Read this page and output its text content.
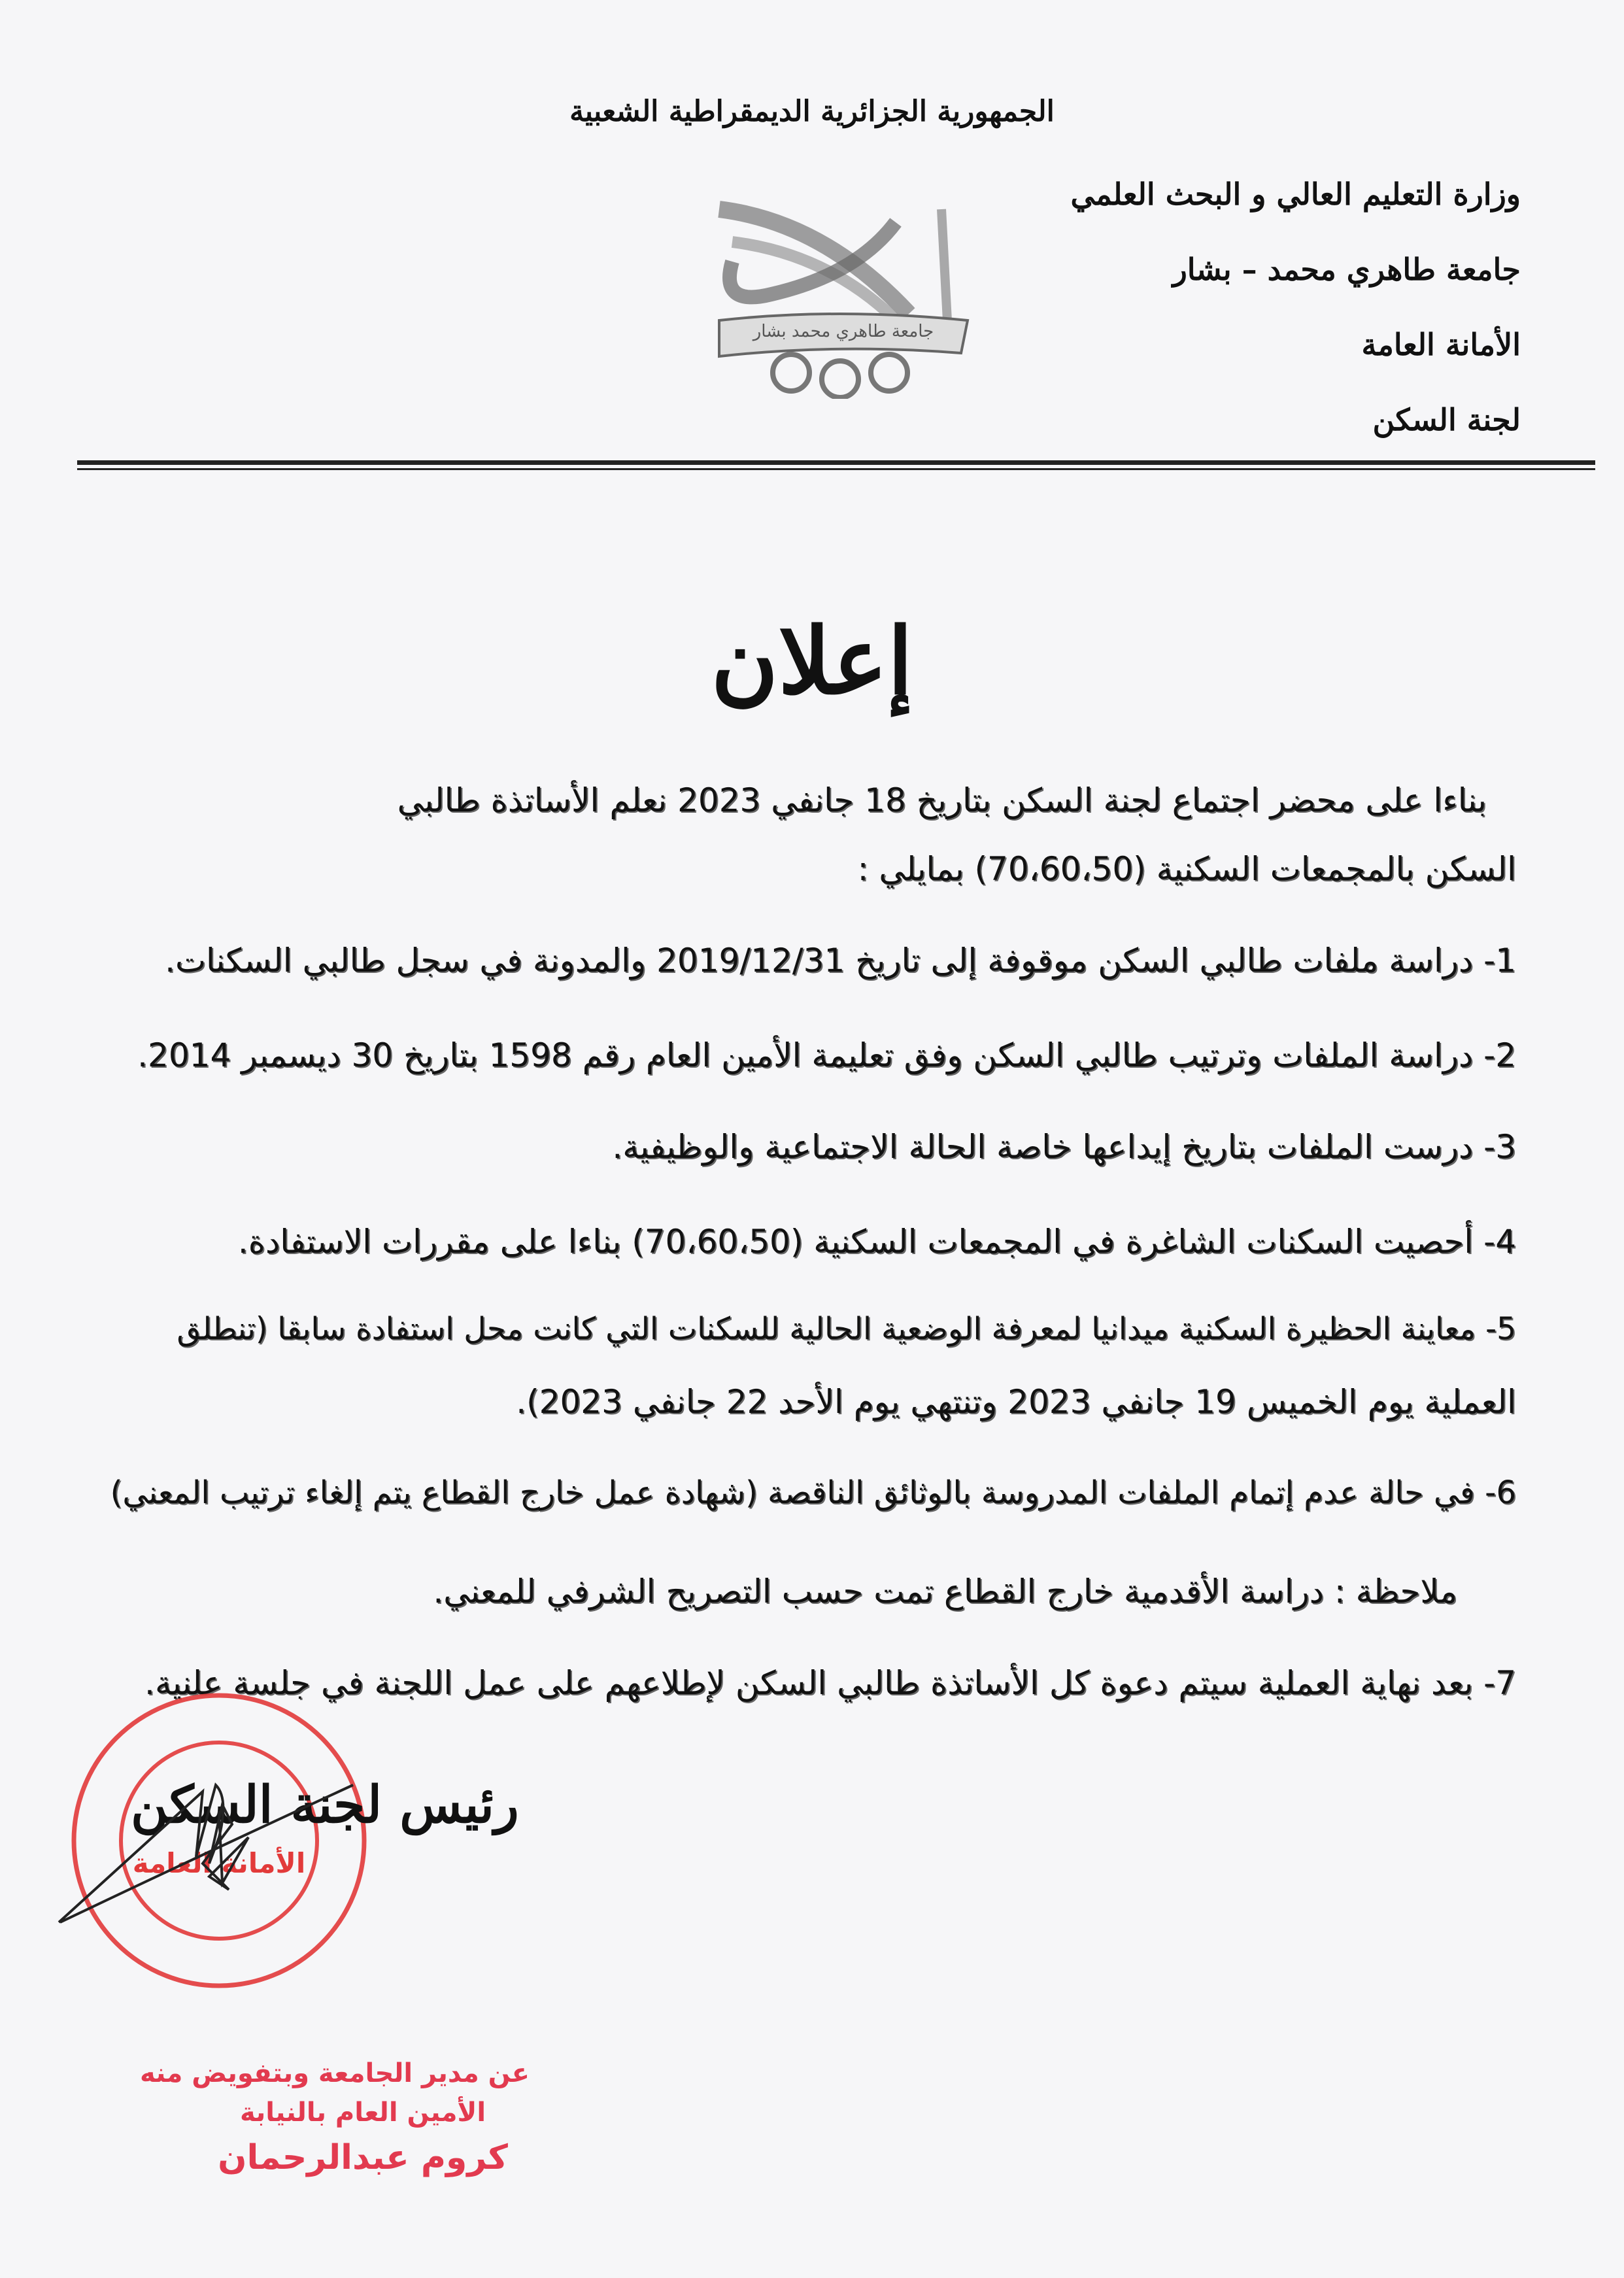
الجمهورية الجزائرية الديمقراطية الشعبية
جامعة طاهري محمد بشار
وزارة التعليم العالي و البحث العلمي
جامعة طاهري محمد – بشار
الأمانة العامة
لجنة السكن
إعلان
بناءا على محضر اجتماع لجنة السكن بتاريخ 18 جانفي 2023 نعلم الأساتذة طالبي
السكن بالمجمعات السكنية (70،60،50) بمايلي :
1- دراسة ملفات طالبي السكن موقوفة إلى تاريخ 2019/12/31 والمدونة في سجل طالبي السكنات.
2- دراسة الملفات وترتيب طالبي السكن وفق تعليمة الأمين العام رقم 1598 بتاريخ 30 ديسمبر 2014.
3- درست الملفات بتاريخ إيداعها خاصة الحالة الاجتماعية والوظيفية.
4- أحصيت السكنات الشاغرة في المجمعات السكنية (70،60،50) بناءا على مقررات الاستفادة.
5- معاينة الحظيرة السكنية ميدانيا لمعرفة الوضعية الحالية للسكنات التي كانت محل استفادة سابقا (تنطلق
العملية يوم الخميس 19 جانفي 2023 وتنتهي يوم الأحد 22 جانفي 2023).
6- في حالة عدم إتمام الملفات المدروسة بالوثائق الناقصة (شهادة عمل خارج القطاع يتم إلغاء ترتيب المعني)
ملاحظة : دراسة الأقدمية خارج القطاع تمت حسب التصريح الشرفي للمعني.
7- بعد نهاية العملية سيتم دعوة كل الأساتذة طالبي السكن لإطلاعهم على عمل اللجنة في جلسة علنية.
الأمانة العامة
رئيس لجنة السكن
عن مدير الجامعة وبتفويض منه
الأمين العام بالنيابة
كروم عبدالرحمان
